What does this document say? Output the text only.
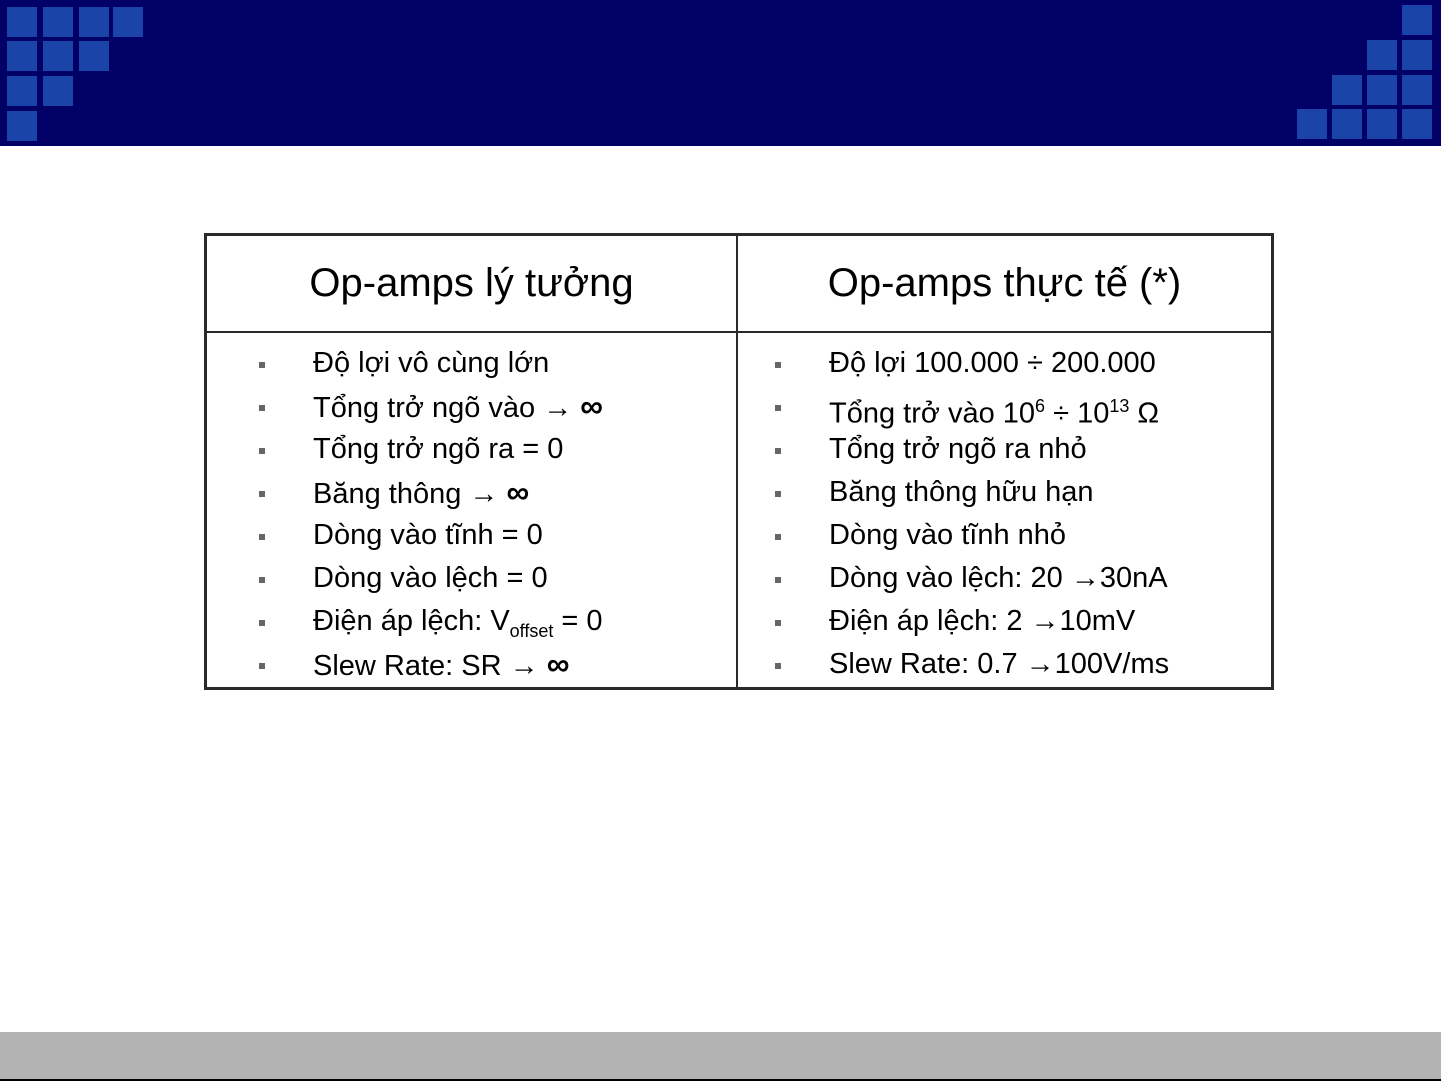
Op-amps lý tưởng	Op-amps thực tế (*)
Độ lợi vô cùng lớn
Tổng trở ngõ vào → ∞
Tổng trở ngõ ra = 0
Băng thông → ∞
Dòng vào tĩnh = 0
Dòng vào lệch = 0
Điện áp lệch: $V_{offset} = 0$
Slew Rate: SR → ∞
Độ lợi 100.000 ÷ 200.000
Tổng trở vào $10^6 \div 10^{13}$ Ω
Tổng trở ngõ ra nhỏ
Băng thông hữu hạn
Dòng vào tĩnh nhỏ
Dòng vào lệch: 20 →30nA
Điện áp lệch: 2 →10mV
Slew Rate: 0.7 →100V/ms
